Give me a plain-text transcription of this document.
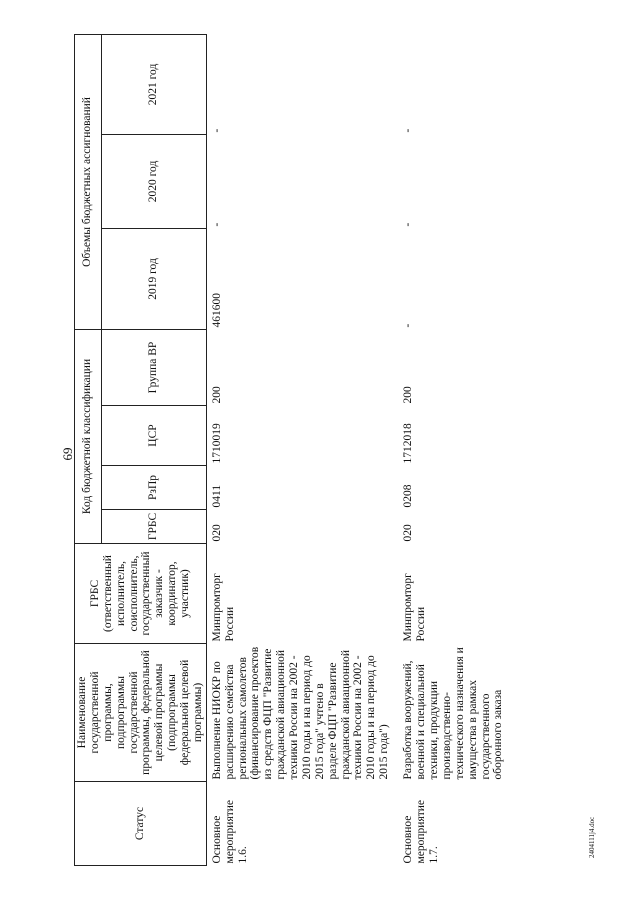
69
Статус	Наименование государственной программы, подпрограммы государственной программы, федеральной целевой программы (подпрограммы федеральной целевой программы)	ГРБС (ответственный исполнитель, соисполнитель, государственный заказчик - координатор, участник)	Код бюджетной классификации				Объемы бюджетных ассигнований		
			ГРБС	РзПр	ЦСР	Группа ВР	2019 год	2020 год	2021 год
Основное мероприятие 1.6.	Выполнение НИОКР по расширению семейства региональных самолетов (финансирование проектов из средств ФЦП "Развитие гражданской авиационной техники России на 2002 - 2010 годы и на период до 2015 года" учтено в разделе ФЦП "Развитие гражданской авиационной техники России на 2002 - 2010 годы и на период до 2015 года")	Минпромторг России	020	0411	1710019	200	461600	-	-
Основное мероприятие 1.7.	Разработка вооружений, военной и специальной техники, продукции производственно-технического назначения и имущества в рамках государственного оборонного заказа	Минпромторг России	020	0208	1712018	200	-	-	-
2404111j4.doc
